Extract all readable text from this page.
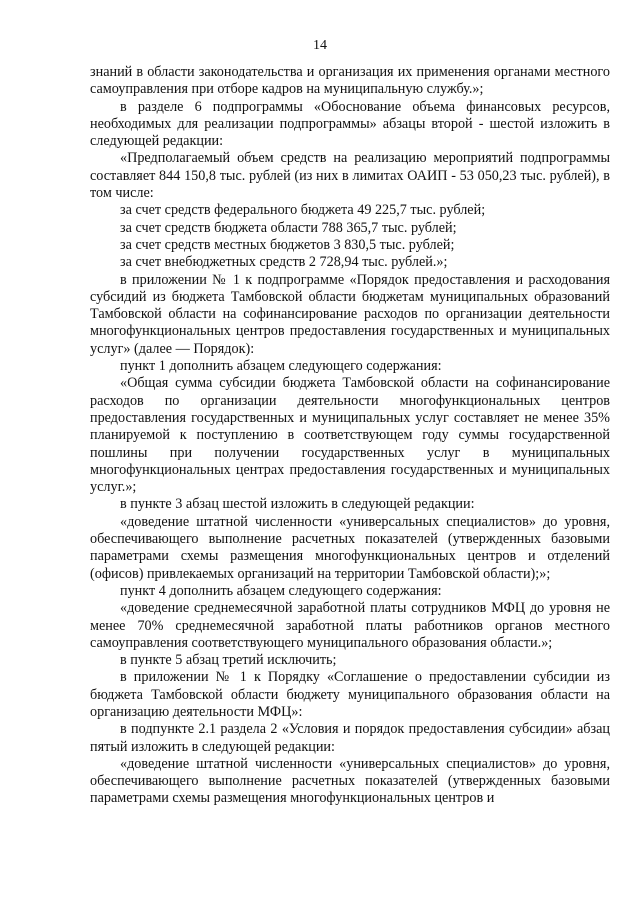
14

знаний в области законодательства и организация их применения органами местного самоуправления при отборе кадров на муниципальную службу.»;

в разделе 6 подпрограммы «Обоснование объема финансовых ресурсов, необходимых для реализации подпрограммы» абзацы второй - шестой изложить в следующей редакции:

«Предполагаемый объем средств на реализацию мероприятий подпрограммы составляет 844 150,8 тыс. рублей (из них в лимитах ОАИП - 53 050,23 тыс. рублей), в том числе:

за счет средств федерального бюджета 49 225,7 тыс. рублей;

за счет средств бюджета области 788 365,7 тыс. рублей;

за счет средств местных бюджетов 3 830,5 тыс. рублей;

за счет внебюджетных средств 2 728,94 тыс. рублей.»;

в приложении № 1 к подпрограмме «Порядок предоставления и расходования субсидий из бюджета Тамбовской области бюджетам муниципальных образований Тамбовской области на софинансирование расходов по организации деятельности многофункциональных центров предоставления государственных и муниципальных услуг» (далее — Порядок):

пункт 1 дополнить абзацем следующего содержания:

«Общая сумма субсидии бюджета Тамбовской области на софинансирование расходов по организации деятельности многофункциональных центров предоставления государственных и муниципальных услуг составляет не менее 35% планируемой к поступлению в соответствующем году суммы государственной пошлины при получении государственных услуг в муниципальных многофункциональных центрах предоставления государственных и муниципальных услуг.»;

в пункте 3 абзац шестой изложить в следующей редакции:

«доведение штатной численности «универсальных специалистов» до уровня, обеспечивающего выполнение расчетных показателей (утвержденных базовыми параметрами схемы размещения многофункциональных центров и отделений (офисов) привлекаемых организаций на территории Тамбовской области);»;

пункт 4 дополнить абзацем следующего содержания:

«доведение среднемесячной заработной платы сотрудников МФЦ до уровня не менее 70% среднемесячной заработной платы работников органов местного самоуправления соответствующего муниципального образования области.»;

в пункте 5 абзац третий исключить;

в приложении № 1 к Порядку «Соглашение о предоставлении субсидии из бюджета Тамбовской области бюджету муниципального образования области на организацию деятельности МФЦ»:

в подпункте 2.1 раздела 2 «Условия и порядок предоставления субсидии» абзац пятый изложить в следующей редакции:

«доведение штатной численности «универсальных специалистов» до уровня, обеспечивающего выполнение расчетных показателей (утвержденных базовыми параметрами схемы размещения многофункциональных центров и
